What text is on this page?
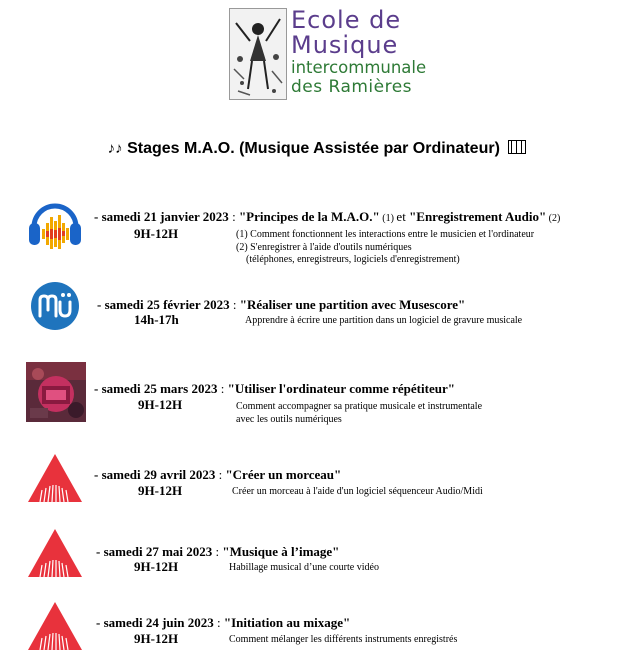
Ecole de
Musique
intercommunale
des Ramières
♪♪ Stages M.A.O. (Musique Assistée par Ordinateur)
- samedi 21 janvier 2023 : "Principes de la M.A.O." (1) et "Enregistrement Audio" (2)
9H-12H	(1) Comment fonctionnent les interactions entre le musicien et l'ordinateur
(2) S'enregistrer à l'aide d'outils numériques
(téléphones, enregistreurs, logiciels d'enregistrement)
- samedi 25 février 2023 : "Réaliser une partition avec Musescore"
14h-17h	Apprendre à écrire une partition dans un logiciel de gravure musicale
- samedi 25 mars 2023 : "Utiliser l'ordinateur comme répétiteur"
9H-12H	Comment accompagner sa pratique musicale et instrumentale
avec les outils numériques
- samedi 29 avril 2023 : "Créer un morceau"
9H-12H	Créer un morceau à l'aide d'un logiciel séquenceur Audio/Midi
- samedi 27 mai 2023 : "Musique à l’image"
9H-12H	Habillage musical d’une courte vidéo
- samedi 24 juin 2023 : "Initiation au mixage"
9H-12H	Comment mélanger les différents instruments enregistrés
